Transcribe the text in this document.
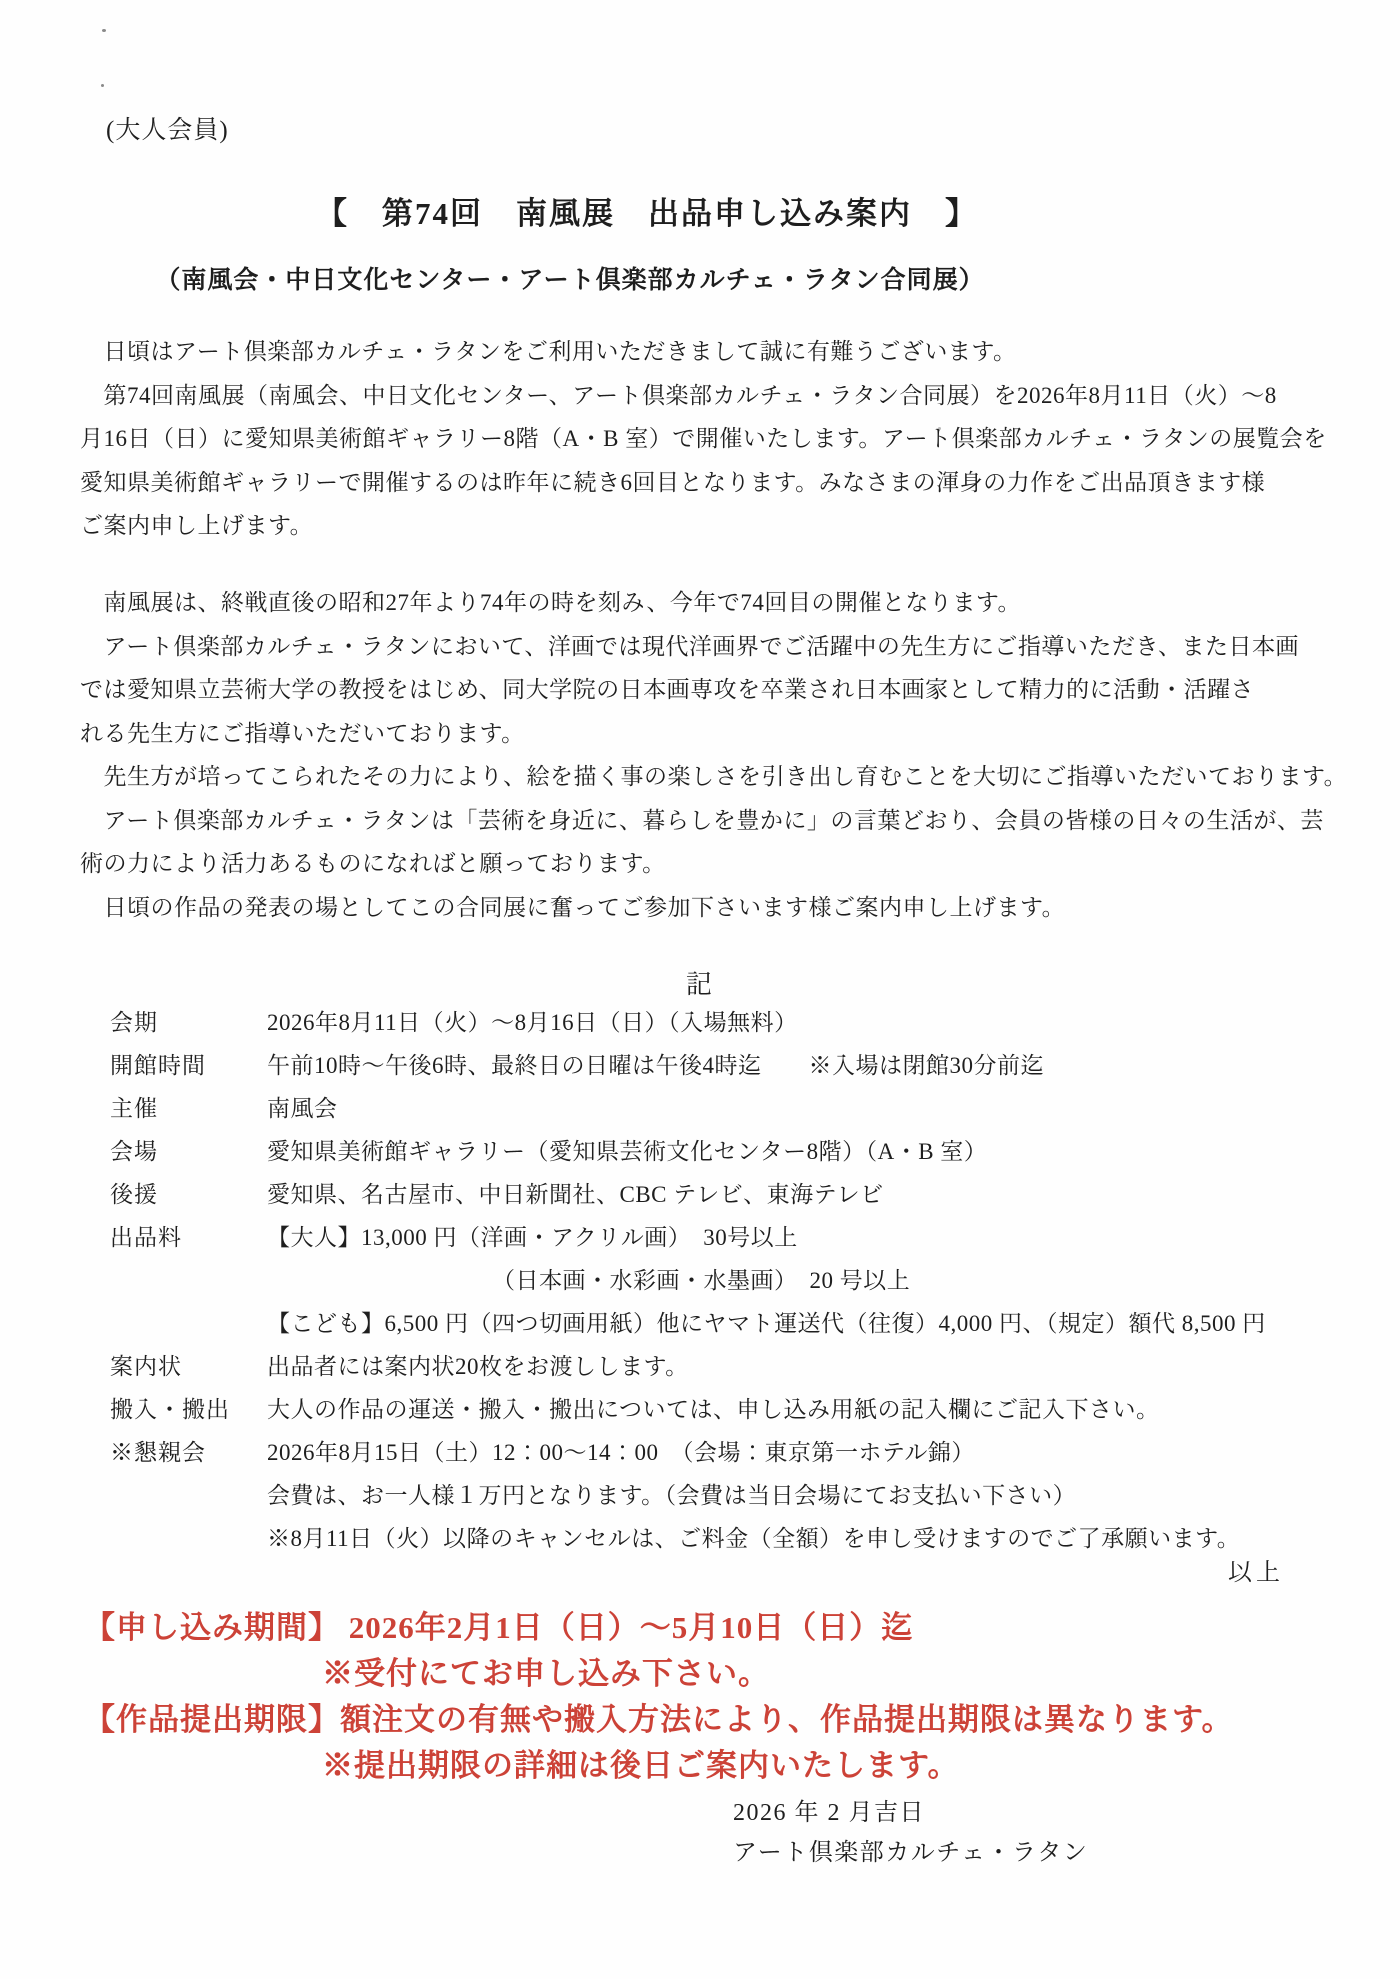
(大人会員)
【　第74回　南風展　出品申し込み案内　】
（南風会・中日文化センター・アート倶楽部カルチェ・ラタン合同展）
　日頃はアート倶楽部カルチェ・ラタンをご利用いただきまして誠に有難うございます。
　第74回南風展（南風会、中日文化センター、アート倶楽部カルチェ・ラタン合同展）を2026年8月11日（火）～8
月16日（日）に愛知県美術館ギャラリー8階（A・B 室）で開催いたします。アート倶楽部カルチェ・ラタンの展覧会を
愛知県美術館ギャラリーで開催するのは昨年に続き6回目となります。みなさまの渾身の力作をご出品頂きます様
ご案内申し上げます。
　南風展は、終戦直後の昭和27年より74年の時を刻み、今年で74回目の開催となります。
　アート倶楽部カルチェ・ラタンにおいて、洋画では現代洋画界でご活躍中の先生方にご指導いただき、また日本画
では愛知県立芸術大学の教授をはじめ、同大学院の日本画専攻を卒業され日本画家として精力的に活動・活躍さ
れる先生方にご指導いただいております。
　先生方が培ってこられたその力により、絵を描く事の楽しさを引き出し育むことを大切にご指導いただいております。
　アート倶楽部カルチェ・ラタンは「芸術を身近に、暮らしを豊かに」の言葉どおり、会員の皆様の日々の生活が、芸
術の力により活力あるものになればと願っております。
　日頃の作品の発表の場としてこの合同展に奮ってご参加下さいます様ご案内申し上げます。
記
会期	2026年8月11日（火）～8月16日（日）（入場無料）
開館時間	午前10時～午後6時、最終日の日曜は午後4時迄　　※入場は閉館30分前迄
主催	南風会
会場	愛知県美術館ギャラリー（愛知県芸術文化センター8階）（A・B 室）
後援	愛知県、名古屋市、中日新聞社、CBC テレビ、東海テレビ
出品料	【大人】13,000 円（洋画・アクリル画）　30号以上
（日本画・水彩画・水墨画）　20 号以上
【こども】6,500 円（四つ切画用紙）他にヤマト運送代（往復）4,000 円、（規定）額代 8,500 円
案内状	出品者には案内状20枚をお渡しします。
搬入・搬出	大人の作品の運送・搬入・搬出については、申し込み用紙の記入欄にご記入下さい。
※懇親会	2026年8月15日（土）12：00～14：00　（会場：東京第一ホテル錦）
会費は、お一人様１万円となります。（会費は当日会場にてお支払い下さい）
※8月11日（火）以降のキャンセルは、ご料金（全額）を申し受けますのでご了承願います。
以上
【申し込み期間】 2026年2月1日（日）～5月10日（日）迄
※受付にてお申し込み下さい。
【作品提出期限】額注文の有無や搬入方法により、作品提出期限は異なります。
※提出期限の詳細は後日ご案内いたします。
2026 年 2 月吉日
アート倶楽部カルチェ・ラタン
